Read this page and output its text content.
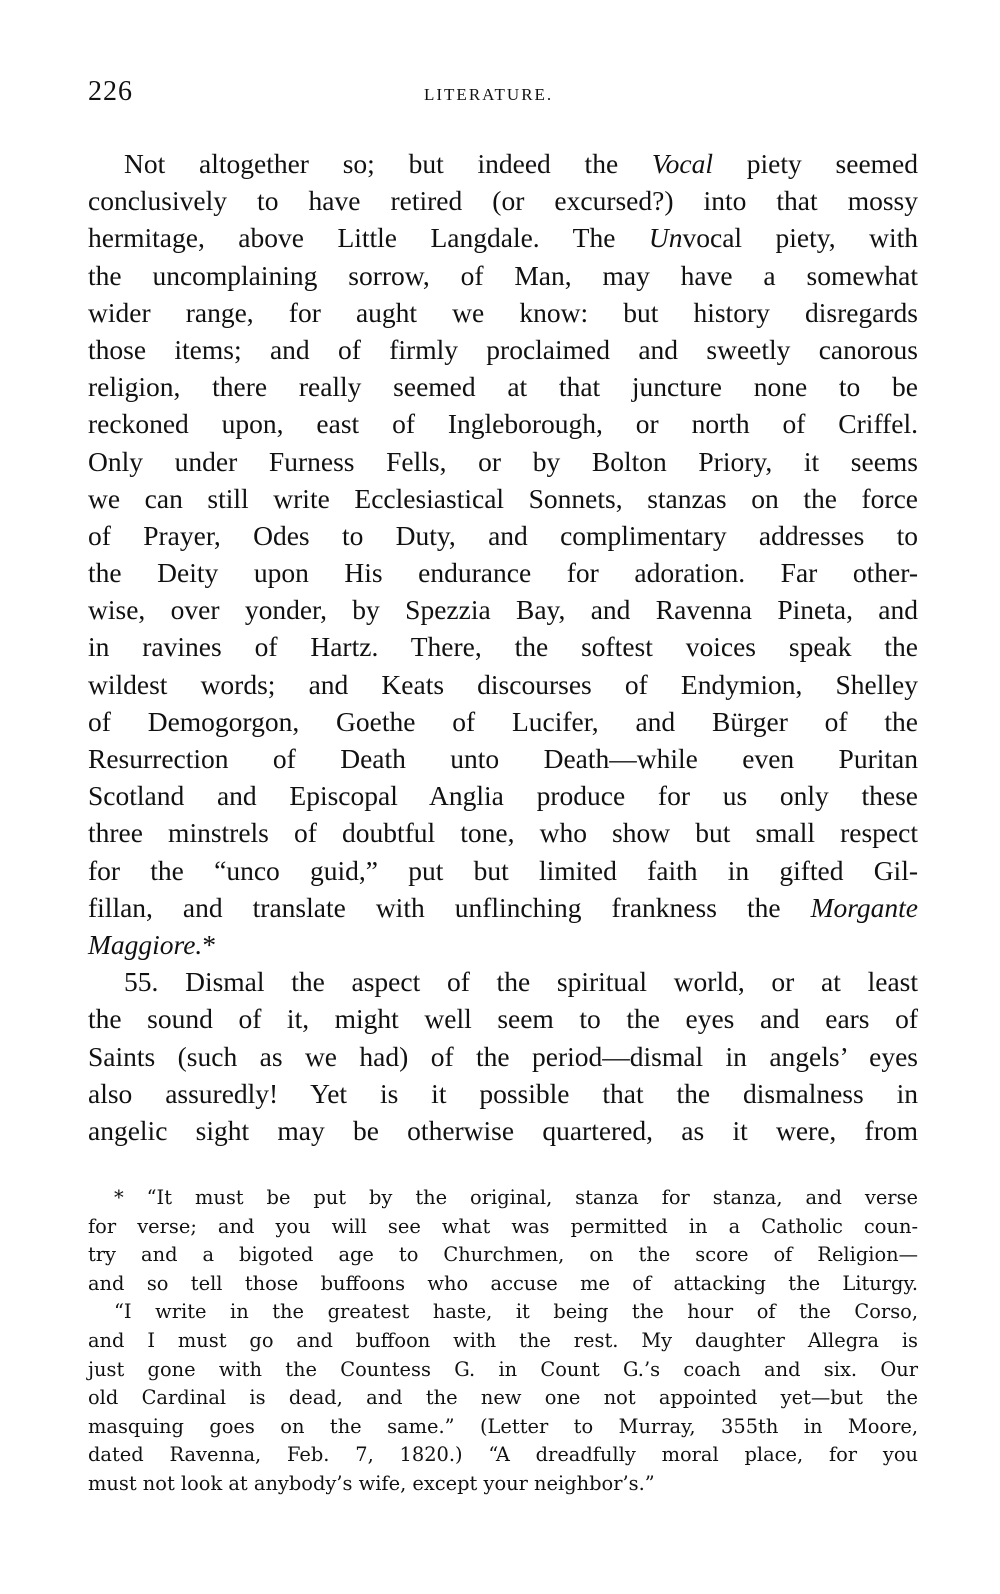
226	LITERATURE.
Not altogether so; but indeed the Vocal piety seemed
conclusively to have retired (or excursed?) into that mossy
hermitage, above Little Langdale. The Unvocal piety, with
the uncomplaining sorrow, of Man, may have a somewhat
wider range, for aught we know: but history disregards
those items; and of firmly proclaimed and sweetly canorous
religion, there really seemed at that juncture none to be
reckoned upon, east of Ingleborough, or north of Criffel.
Only under Furness Fells, or by Bolton Priory, it seems
we can still write Ecclesiastical Sonnets, stanzas on the force
of Prayer, Odes to Duty, and complimentary addresses to
the Deity upon His endurance for adoration. Far other-
wise, over yonder, by Spezzia Bay, and Ravenna Pineta, and
in ravines of Hartz. There, the softest voices speak the
wildest words; and Keats discourses of Endymion, Shelley
of Demogorgon, Goethe of Lucifer, and Bürger of the
Resurrection of Death unto Death—while even Puritan
Scotland and Episcopal Anglia produce for us only these
three minstrels of doubtful tone, who show but small respect
for the “unco guid,” put but limited faith in gifted Gil-
fillan, and translate with unflinching frankness the Morgante
Maggiore.*
55. Dismal the aspect of the spiritual world, or at least
the sound of it, might well seem to the eyes and ears of
Saints (such as we had) of the period—dismal in angels’ eyes
also assuredly! Yet is it possible that the dismalness in
angelic sight may be otherwise quartered, as it were, from
* “It must be put by the original, stanza for stanza, and verse
for verse; and you will see what was permitted in a Catholic coun-
try and a bigoted age to Churchmen, on the score of Religion—
and so tell those buffoons who accuse me of attacking the Liturgy.
“I write in the greatest haste, it being the hour of the Corso,
and I must go and buffoon with the rest. My daughter Allegra is
just gone with the Countess G. in Count G.’s coach and six. Our
old Cardinal is dead, and the new one not appointed yet—but the
masquing goes on the same.” (Letter to Murray, 355th in Moore,
dated Ravenna, Feb. 7, 1820.) “A dreadfully moral place, for you
must not look at anybody’s wife, except your neighbor’s.”
